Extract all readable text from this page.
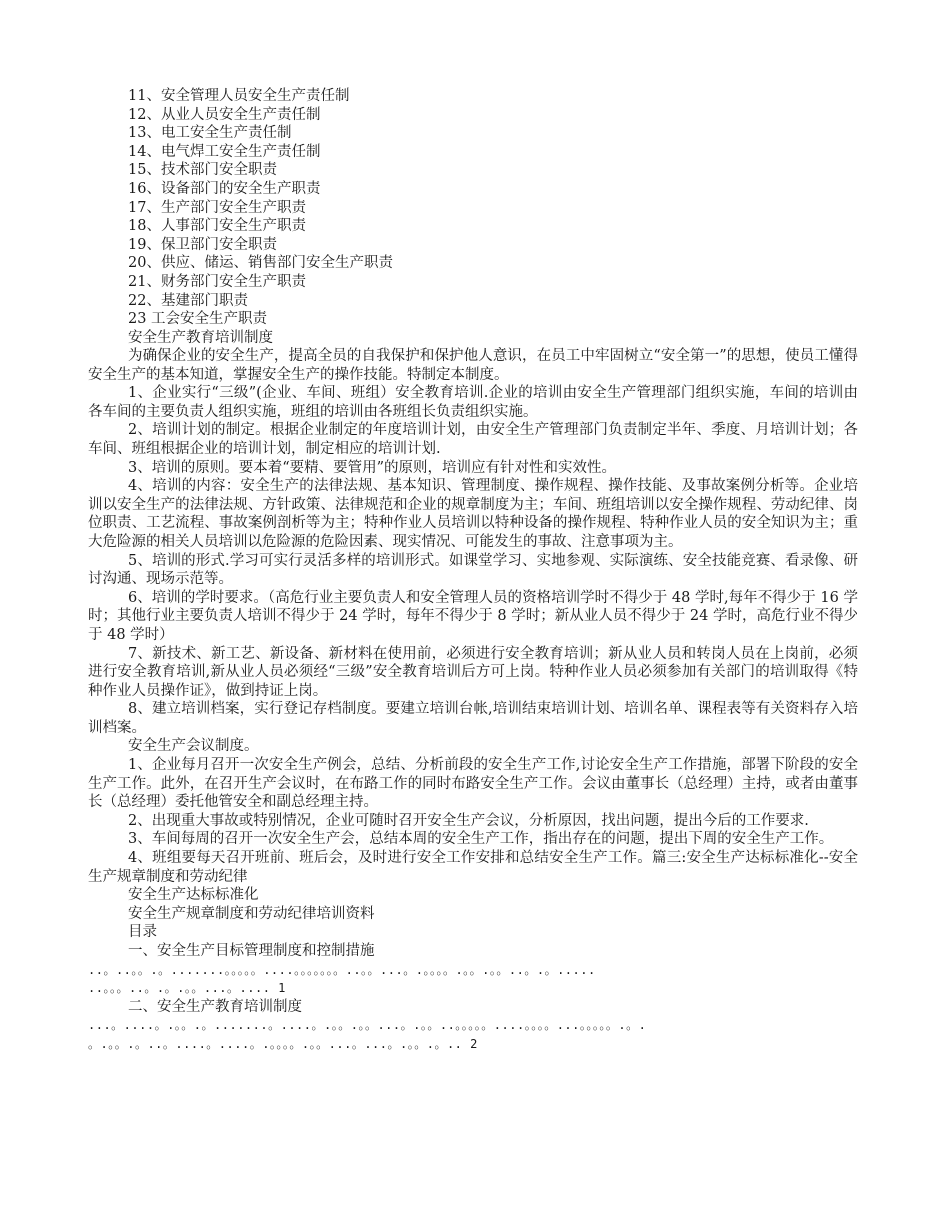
11、安全管理人员安全生产责任制
12、从业人员安全生产责任制
13、电工安全生产责任制
14、电气焊工安全生产责任制
15、技术部门安全职责
16、设备部门的安全生产职责
17、生产部门安全生产职责
18、人事部门安全生产职责
19、保卫部门安全职责
20、供应、储运、销售部门安全生产职责
21、财务部门安全生产职责
22、基建部门职责
23 工会安全生产职责
安全生产教育培训制度

为确保企业的安全生产，提高全员的自我保护和保护他人意识，在员工中牢固树立“安全第一”的思想，使员工懂得安全生产的基本知道，掌握安全生产的操作技能。特制定本制度。

1、企业实行“三级”(企业、车间、班组）安全教育培训.企业的培训由安全生产管理部门组织实施，车间的培训由各车间的主要负责人组织实施，班组的培训由各班组长负责组织实施。

2、培训计划的制定。根据企业制定的年度培训计划，由安全生产管理部门负责制定半年、季度、月培训计划；各车间、班组根据企业的培训计划，制定相应的培训计划.

3、培训的原则。要本着“要精、要管用”的原则，培训应有针对性和实效性。

4、培训的内容：安全生产的法律法规、基本知识、管理制度、操作规程、操作技能、及事故案例分析等。企业培训以安全生产的法律法规、方针政策、法律规范和企业的规章制度为主；车间、班组培训以安全操作规程、劳动纪律、岗位职责、工艺流程、事故案例剖析等为主；特种作业人员培训以特种设备的操作规程、特种作业人员的安全知识为主；重大危险源的相关人员培训以危险源的危险因素、现实情况、可能发生的事故、注意事项为主。

5、培训的形式.学习可实行灵活多样的培训形式。如课堂学习、实地参观、实际演练、安全技能竞赛、看录像、研讨沟通、现场示范等。

6、培训的学时要求。（高危行业主要负责人和安全管理人员的资格培训学时不得少于 48 学时,每年不得少于 16 学时；其他行业主要负责人培训不得少于 24 学时，每年不得少于 8 学时；新从业人员不得少于 24 学时，高危行业不得少于 48 学时）

7、新技术、新工艺、新设备、新材料在使用前，必须进行安全教育培训；新从业人员和转岗人员在上岗前，必须进行安全教育培训,新从业人员必须经“三级”安全教育培训后方可上岗。特种作业人员必须参加有关部门的培训取得《特种作业人员操作证》，做到持证上岗。

8、建立培训档案，实行登记存档制度。要建立培训台帐,培训结束培训计划、培训名单、课程表等有关资料存入培训档案。

安全生产会议制度。

1、企业每月召开一次安全生产例会，总结、分析前段的安全生产工作,讨论安全生产工作措施，部署下阶段的安全生产工作。此外，在召开生产会议时，在布路工作的同时布路安全生产工作。会议由董事长（总经理）主持，或者由董事长（总经理）委托他管安全和副总经理主持。

2、出现重大事故或特别情况，企业可随时召开安全生产会议，分析原因，找出问题，提出今后的工作要求.

3、车间每周的召开一次安全生产会，总结本周的安全生产工作，指出存在的问题，提出下周的安全生产工作。

4、班组要每天召开班前、班后会，及时进行安全工作安排和总结安全生产工作。篇三:安全生产达标标准化--安全生产规章制度和劳动纪律

安全生产达标标准化

安全生产规章制度和劳动纪律培训资料

目录

一、安全生产目标管理制度和控制措施

..。..。。.。.......。。。。。....。。。。。。。..。。...。.。。。。.。。.。。..。.。.....

..。。。..。.。.。。...。.... 1

二、安全生产教育培训制度

...。....。.。。.。.......。....。.。。.。。...。.。。..。。。。。....。。。。...。。。。。.。.

。.。。.。..。....。....。.。。。。.。。...。...。.。。.。.. 2
